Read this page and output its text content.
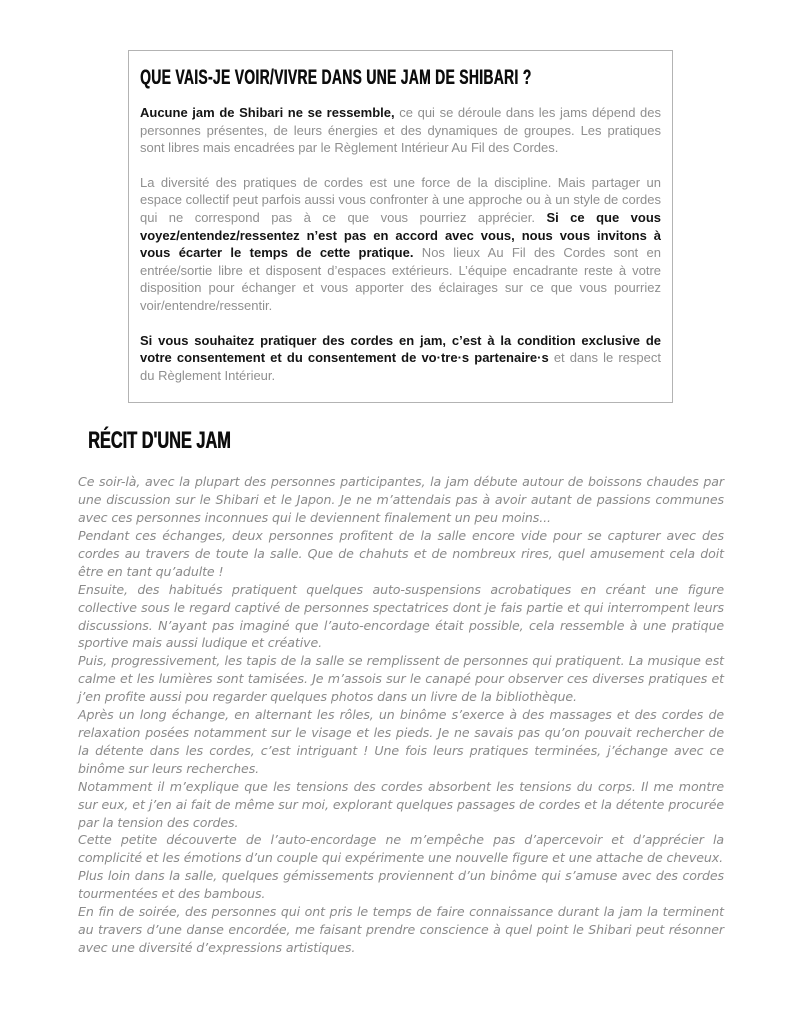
QUE VAIS-JE VOIR/VIVRE DANS UNE JAM DE SHIBARI ?

Aucune jam de Shibari ne se ressemble, ce qui se déroule dans les jams dépend des personnes présentes, de leurs énergies et des dynamiques de groupes. Les pratiques sont libres mais encadrées par le Règlement Intérieur Au Fil des Cordes.

La diversité des pratiques de cordes est une force de la discipline. Mais partager un espace collectif peut parfois aussi vous confronter à une approche ou à un style de cordes qui ne correspond pas à ce que vous pourriez apprécier. Si ce que vous voyez/entendez/ressentez n’est pas en accord avec vous, nous vous invitons à vous écarter le temps de cette pratique. Nos lieux Au Fil des Cordes sont en entrée/sortie libre et disposent d’espaces extérieurs. L’équipe encadrante reste à votre disposition pour échanger et vous apporter des éclairages sur ce que vous pourriez voir/entendre/ressentir.

Si vous souhaitez pratiquer des cordes en jam, c’est à la condition exclusive de votre consentement et du consentement de vo·tre·s partenaire·s et dans le respect du Règlement Intérieur.

RÉCIT D'UNE JAM

Ce soir-là, avec la plupart des personnes participantes, la jam débute autour de boissons chaudes par une discussion sur le Shibari et le Japon. Je ne m’attendais pas à avoir autant de passions communes avec ces personnes inconnues qui le deviennent finalement un peu moins...

Pendant ces échanges, deux personnes profitent de la salle encore vide pour se capturer avec des cordes au travers de toute la salle. Que de chahuts et de nombreux rires, quel amusement cela doit être en tant qu’adulte !

Ensuite, des habitués pratiquent quelques auto-suspensions acrobatiques en créant une figure collective sous le regard captivé de personnes spectatrices dont je fais partie et qui interrompent leurs discussions. N’ayant pas imaginé que l’auto-encordage était possible, cela ressemble à une pratique sportive mais aussi ludique et créative.

Puis, progressivement, les tapis de la salle se remplissent de personnes qui pratiquent. La musique est calme et les lumières sont tamisées. Je m’assois sur le canapé pour observer ces diverses pratiques et j’en profite aussi pou regarder quelques photos dans un livre de la bibliothèque.

Après un long échange, en alternant les rôles, un binôme s’exerce à des massages et des cordes de relaxation posées notamment sur le visage et les pieds. Je ne savais pas qu’on pouvait rechercher de la détente dans les cordes, c’est intriguant ! Une fois leurs pratiques terminées, j’échange avec ce binôme sur leurs recherches.

Notamment il m’explique que les tensions des cordes absorbent les tensions du corps. Il me montre sur eux, et j’en ai fait de même sur moi, explorant quelques passages de cordes et la détente procurée par la tension des cordes.

Cette petite découverte de l’auto-encordage ne m’empêche pas d’apercevoir et d’apprécier la complicité et les émotions d’un couple qui expérimente une nouvelle figure et une attache de cheveux.

Plus loin dans la salle, quelques gémissements proviennent d’un binôme qui s’amuse avec des cordes tourmentées et des bambous.

En fin de soirée, des personnes qui ont pris le temps de faire connaissance durant la jam la terminent au travers d’une danse encordée, me faisant prendre conscience à quel point le Shibari peut résonner avec une diversité d’expressions artistiques.
